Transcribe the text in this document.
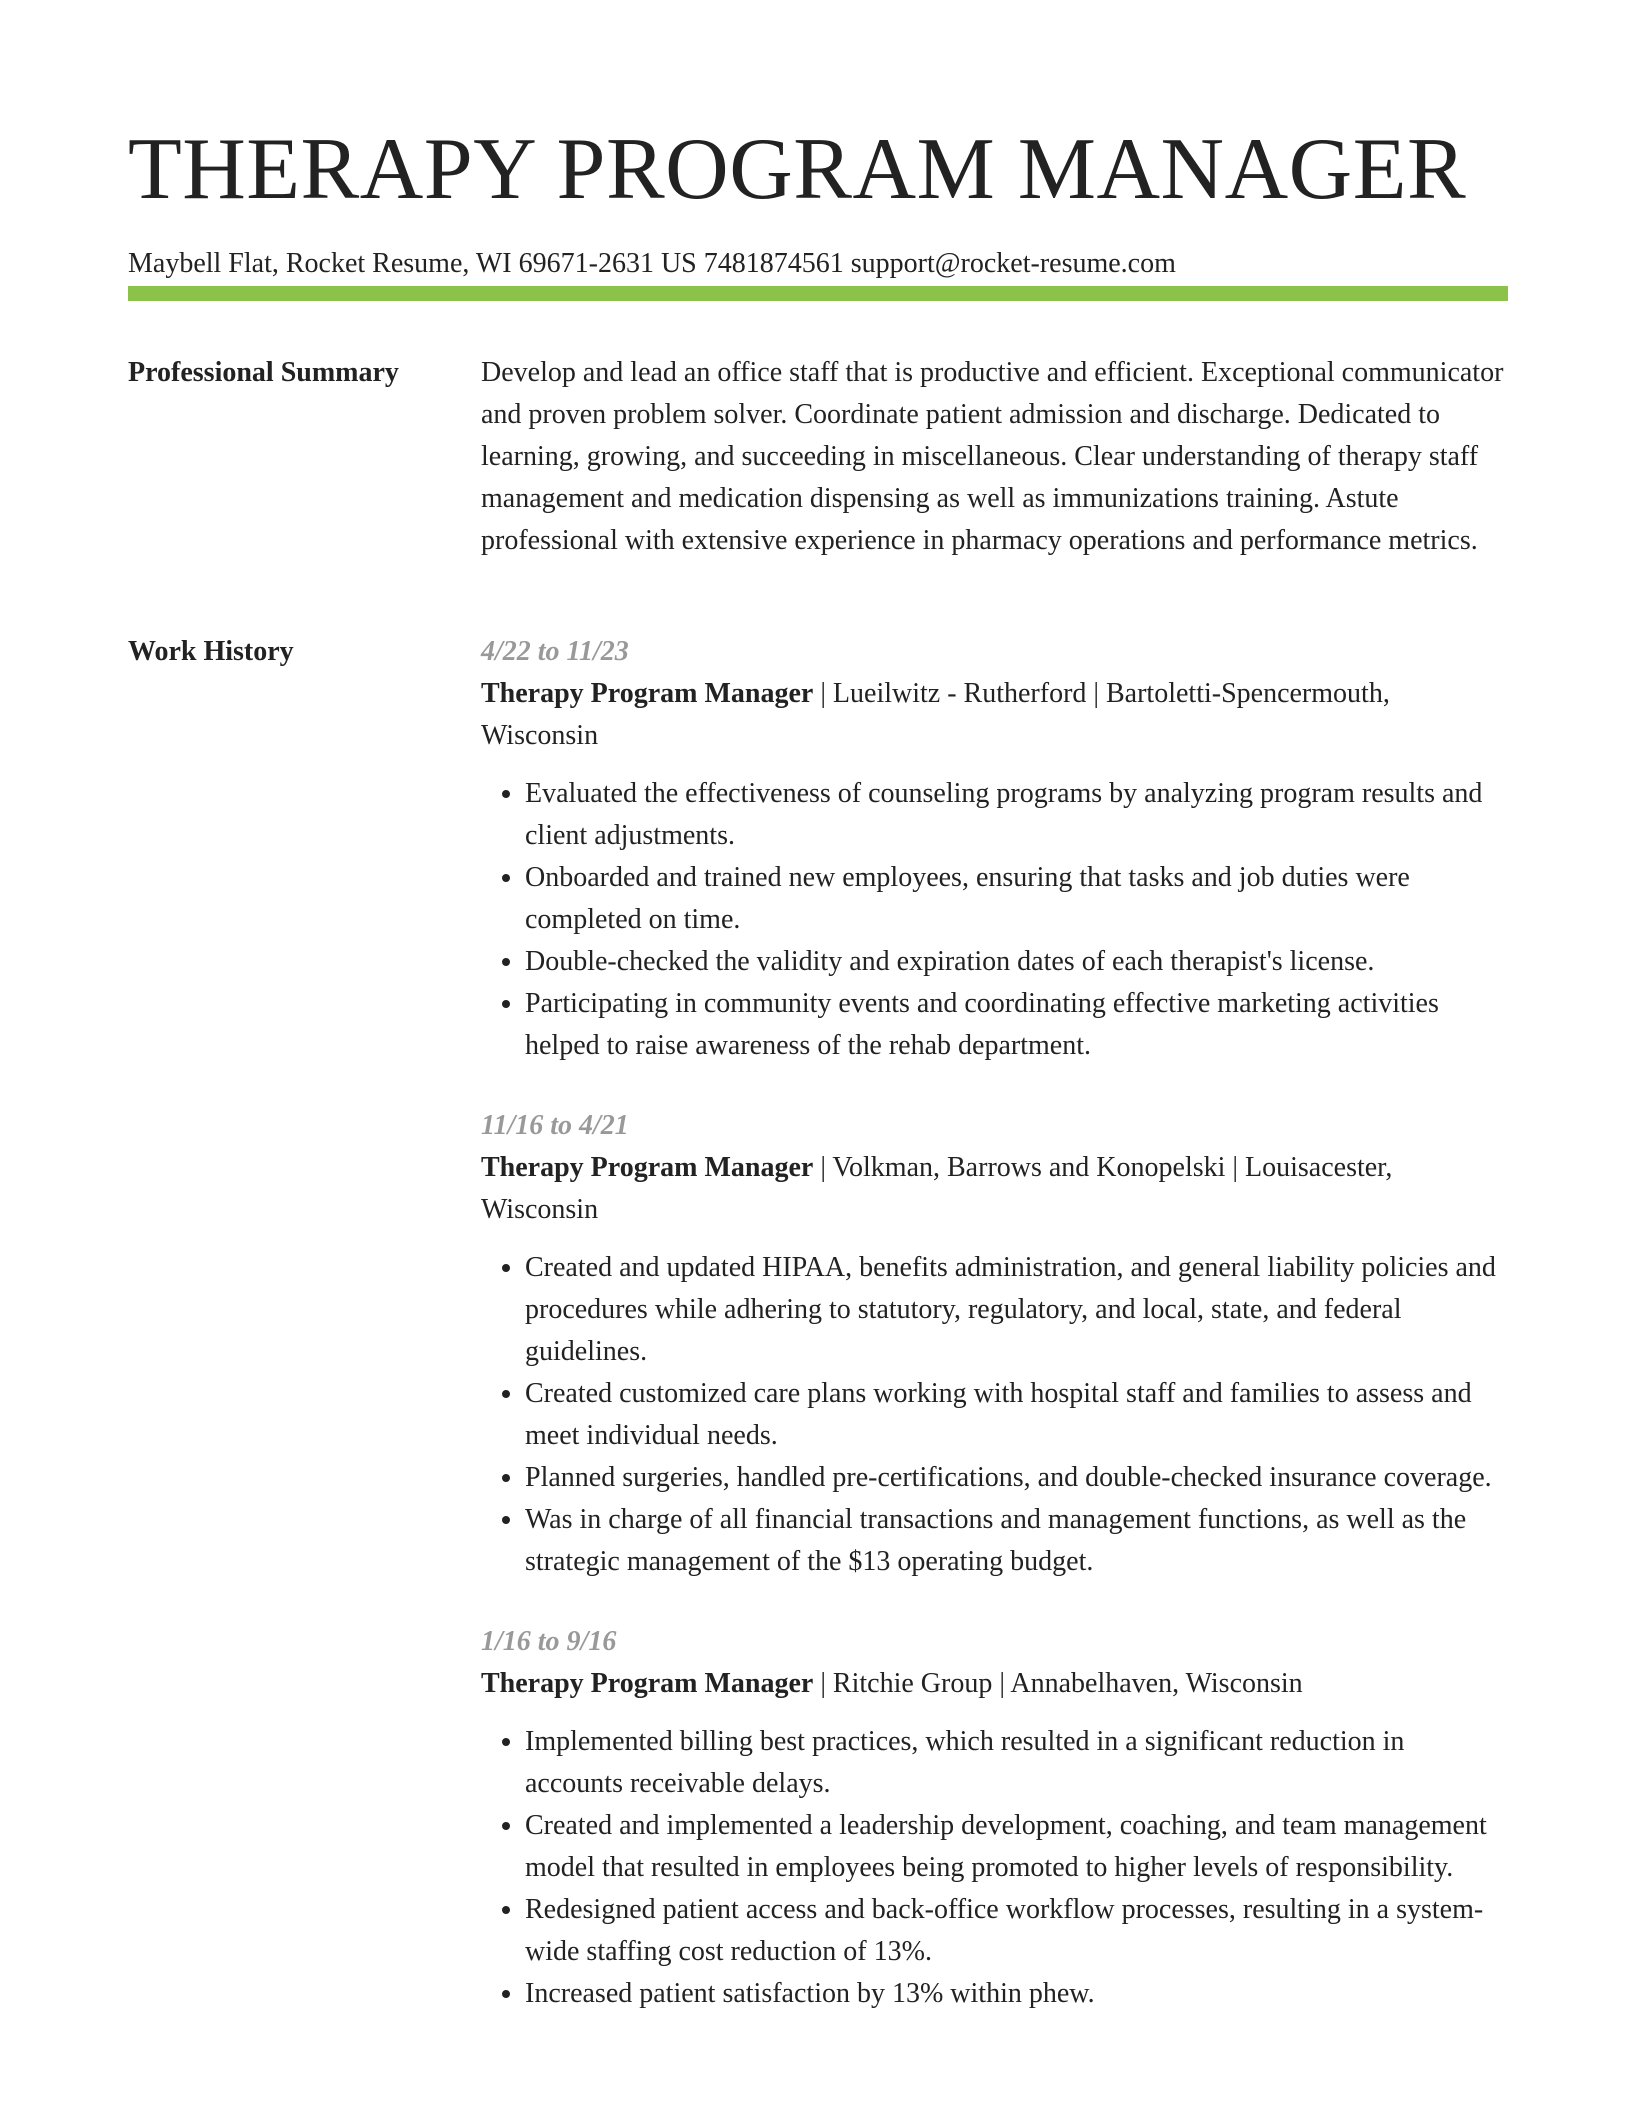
THERAPY PROGRAM MANAGER
Maybell Flat, Rocket Resume, WI 69671-2631 US 7481874561 support@rocket-resume.com
Professional Summary	Develop and lead an office staff that is productive and efficient. Exceptional communicator and proven problem solver. Coordinate patient admission and discharge. Dedicated to learning, growing, and succeeding in miscellaneous. Clear understanding of therapy staff management and medication dispensing as well as immunizations training. Astute professional with extensive experience in pharmacy operations and performance metrics.

Work History	4/22 to 11/23
Therapy Program Manager | Lueilwitz - Rutherford | Bartoletti-Spencermouth, Wisconsin
• Evaluated the effectiveness of counseling programs by analyzing program results and client adjustments.
• Onboarded and trained new employees, ensuring that tasks and job duties were completed on time.
• Double-checked the validity and expiration dates of each therapist's license.
• Participating in community events and coordinating effective marketing activities helped to raise awareness of the rehab department.
11/16 to 4/21
Therapy Program Manager | Volkman, Barrows and Konopelski | Louisacester, Wisconsin
• Created and updated HIPAA, benefits administration, and general liability policies and procedures while adhering to statutory, regulatory, and local, state, and federal guidelines.
• Created customized care plans working with hospital staff and families to assess and meet individual needs.
• Planned surgeries, handled pre-certifications, and double-checked insurance coverage.
• Was in charge of all financial transactions and management functions, as well as the strategic management of the $13 operating budget.
1/16 to 9/16
Therapy Program Manager | Ritchie Group | Annabelhaven, Wisconsin
• Implemented billing best practices, which resulted in a significant reduction in accounts receivable delays.
• Created and implemented a leadership development, coaching, and team management model that resulted in employees being promoted to higher levels of responsibility.
• Redesigned patient access and back-office workflow processes, resulting in a system-wide staffing cost reduction of 13%.
• Increased patient satisfaction by 13% within phew.
